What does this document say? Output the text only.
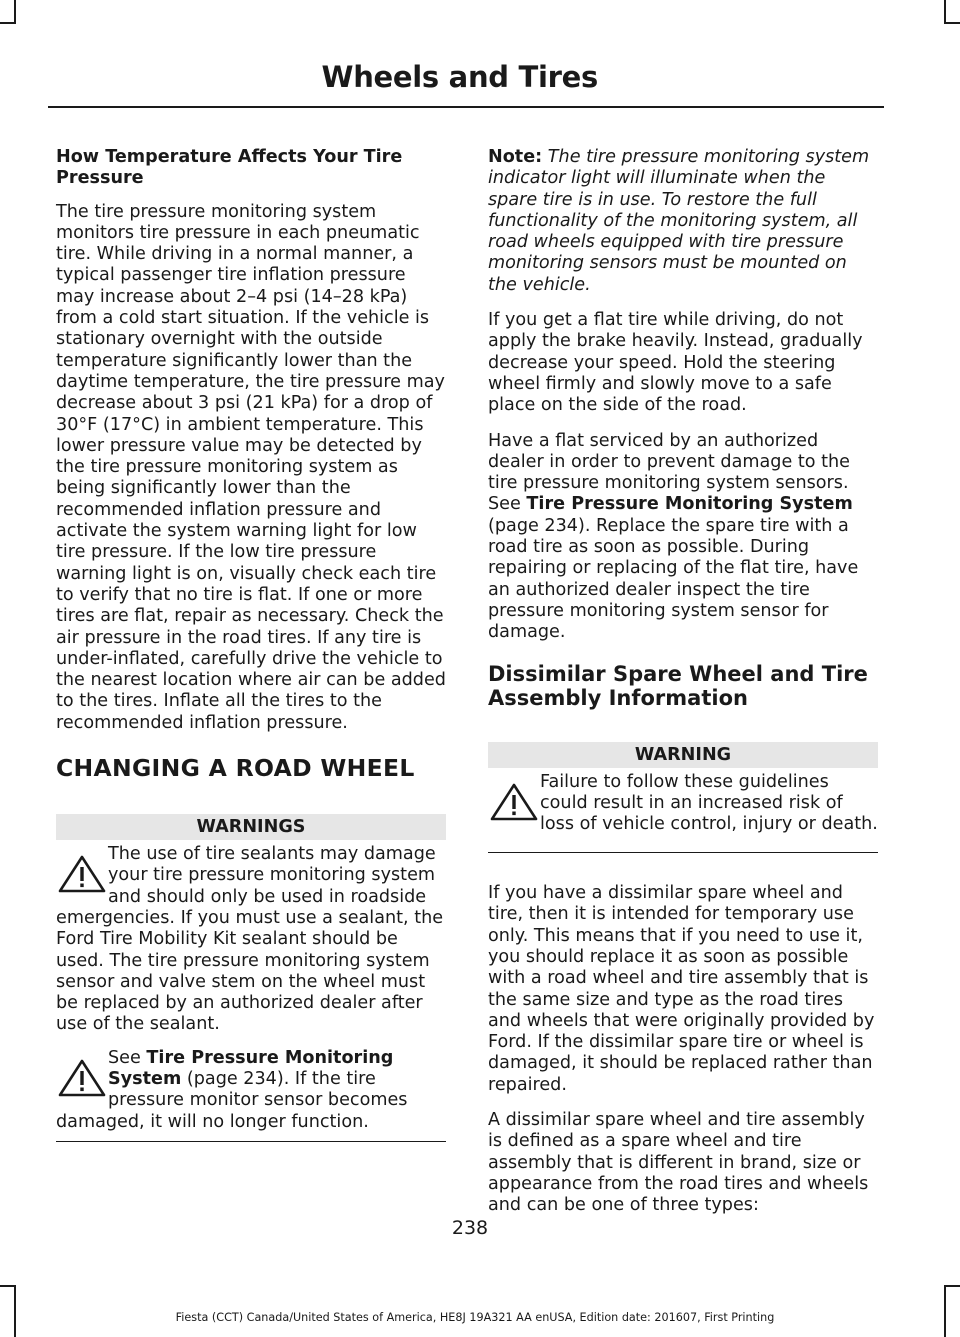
Wheels and Tires
How Temperature Affects Your Tire Pressure

The tire pressure monitoring system monitors tire pressure in each pneumatic tire. While driving in a normal manner, a typical passenger tire inflation pressure may increase about 2–4 psi (14–28 kPa) from a cold start situation. If the vehicle is stationary overnight with the outside temperature significantly lower than the daytime temperature, the tire pressure may decrease about 3 psi (21 kPa) for a drop of 30°F (17°C) in ambient temperature. This lower pressure value may be detected by the tire pressure monitoring system as being significantly lower than the recommended inflation pressure and activate the system warning light for low tire pressure. If the low tire pressure warning light is on, visually check each tire to verify that no tire is flat. If one or more tires are flat, repair as necessary. Check the air pressure in the road tires. If any tire is under-inflated, carefully drive the vehicle to the nearest location where air can be added to the tires. Inflate all the tires to the recommended inflation pressure.

CHANGING A ROAD WHEEL
WARNINGS
The use of tire sealants may damage your tire pressure monitoring system and should only be used in roadside emergencies. If you must use a sealant, the Ford Tire Mobility Kit sealant should be used. The tire pressure monitoring system sensor and valve stem on the wheel must be replaced by an authorized dealer after use of the sealant.
See Tire Pressure Monitoring System (page 234). If the tire pressure monitor sensor becomes damaged, it will no longer function.

Note: The tire pressure monitoring system indicator light will illuminate when the spare tire is in use. To restore the full functionality of the monitoring system, all road wheels equipped with tire pressure monitoring sensors must be mounted on the vehicle.

If you get a flat tire while driving, do not apply the brake heavily. Instead, gradually decrease your speed. Hold the steering wheel firmly and slowly move to a safe place on the side of the road.

Have a flat serviced by an authorized dealer in order to prevent damage to the tire pressure monitoring system sensors. See Tire Pressure Monitoring System (page 234). Replace the spare tire with a road tire as soon as possible. During repairing or replacing of the flat tire, have an authorized dealer inspect the tire pressure monitoring system sensor for damage.

Dissimilar Spare Wheel and Tire Assembly Information
WARNING
Failure to follow these guidelines could result in an increased risk of loss of vehicle control, injury or death.

If you have a dissimilar spare wheel and tire, then it is intended for temporary use only. This means that if you need to use it, you should replace it as soon as possible with a road wheel and tire assembly that is the same size and type as the road tires and wheels that were originally provided by Ford. If the dissimilar spare tire or wheel is damaged, it should be replaced rather than repaired.

A dissimilar spare wheel and tire assembly is defined as a spare wheel and tire assembly that is different in brand, size or appearance from the road tires and wheels and can be one of three types:

238
Fiesta (CCT) Canada/United States of America, HE8J 19A321 AA enUSA, Edition date: 201607, First Printing
